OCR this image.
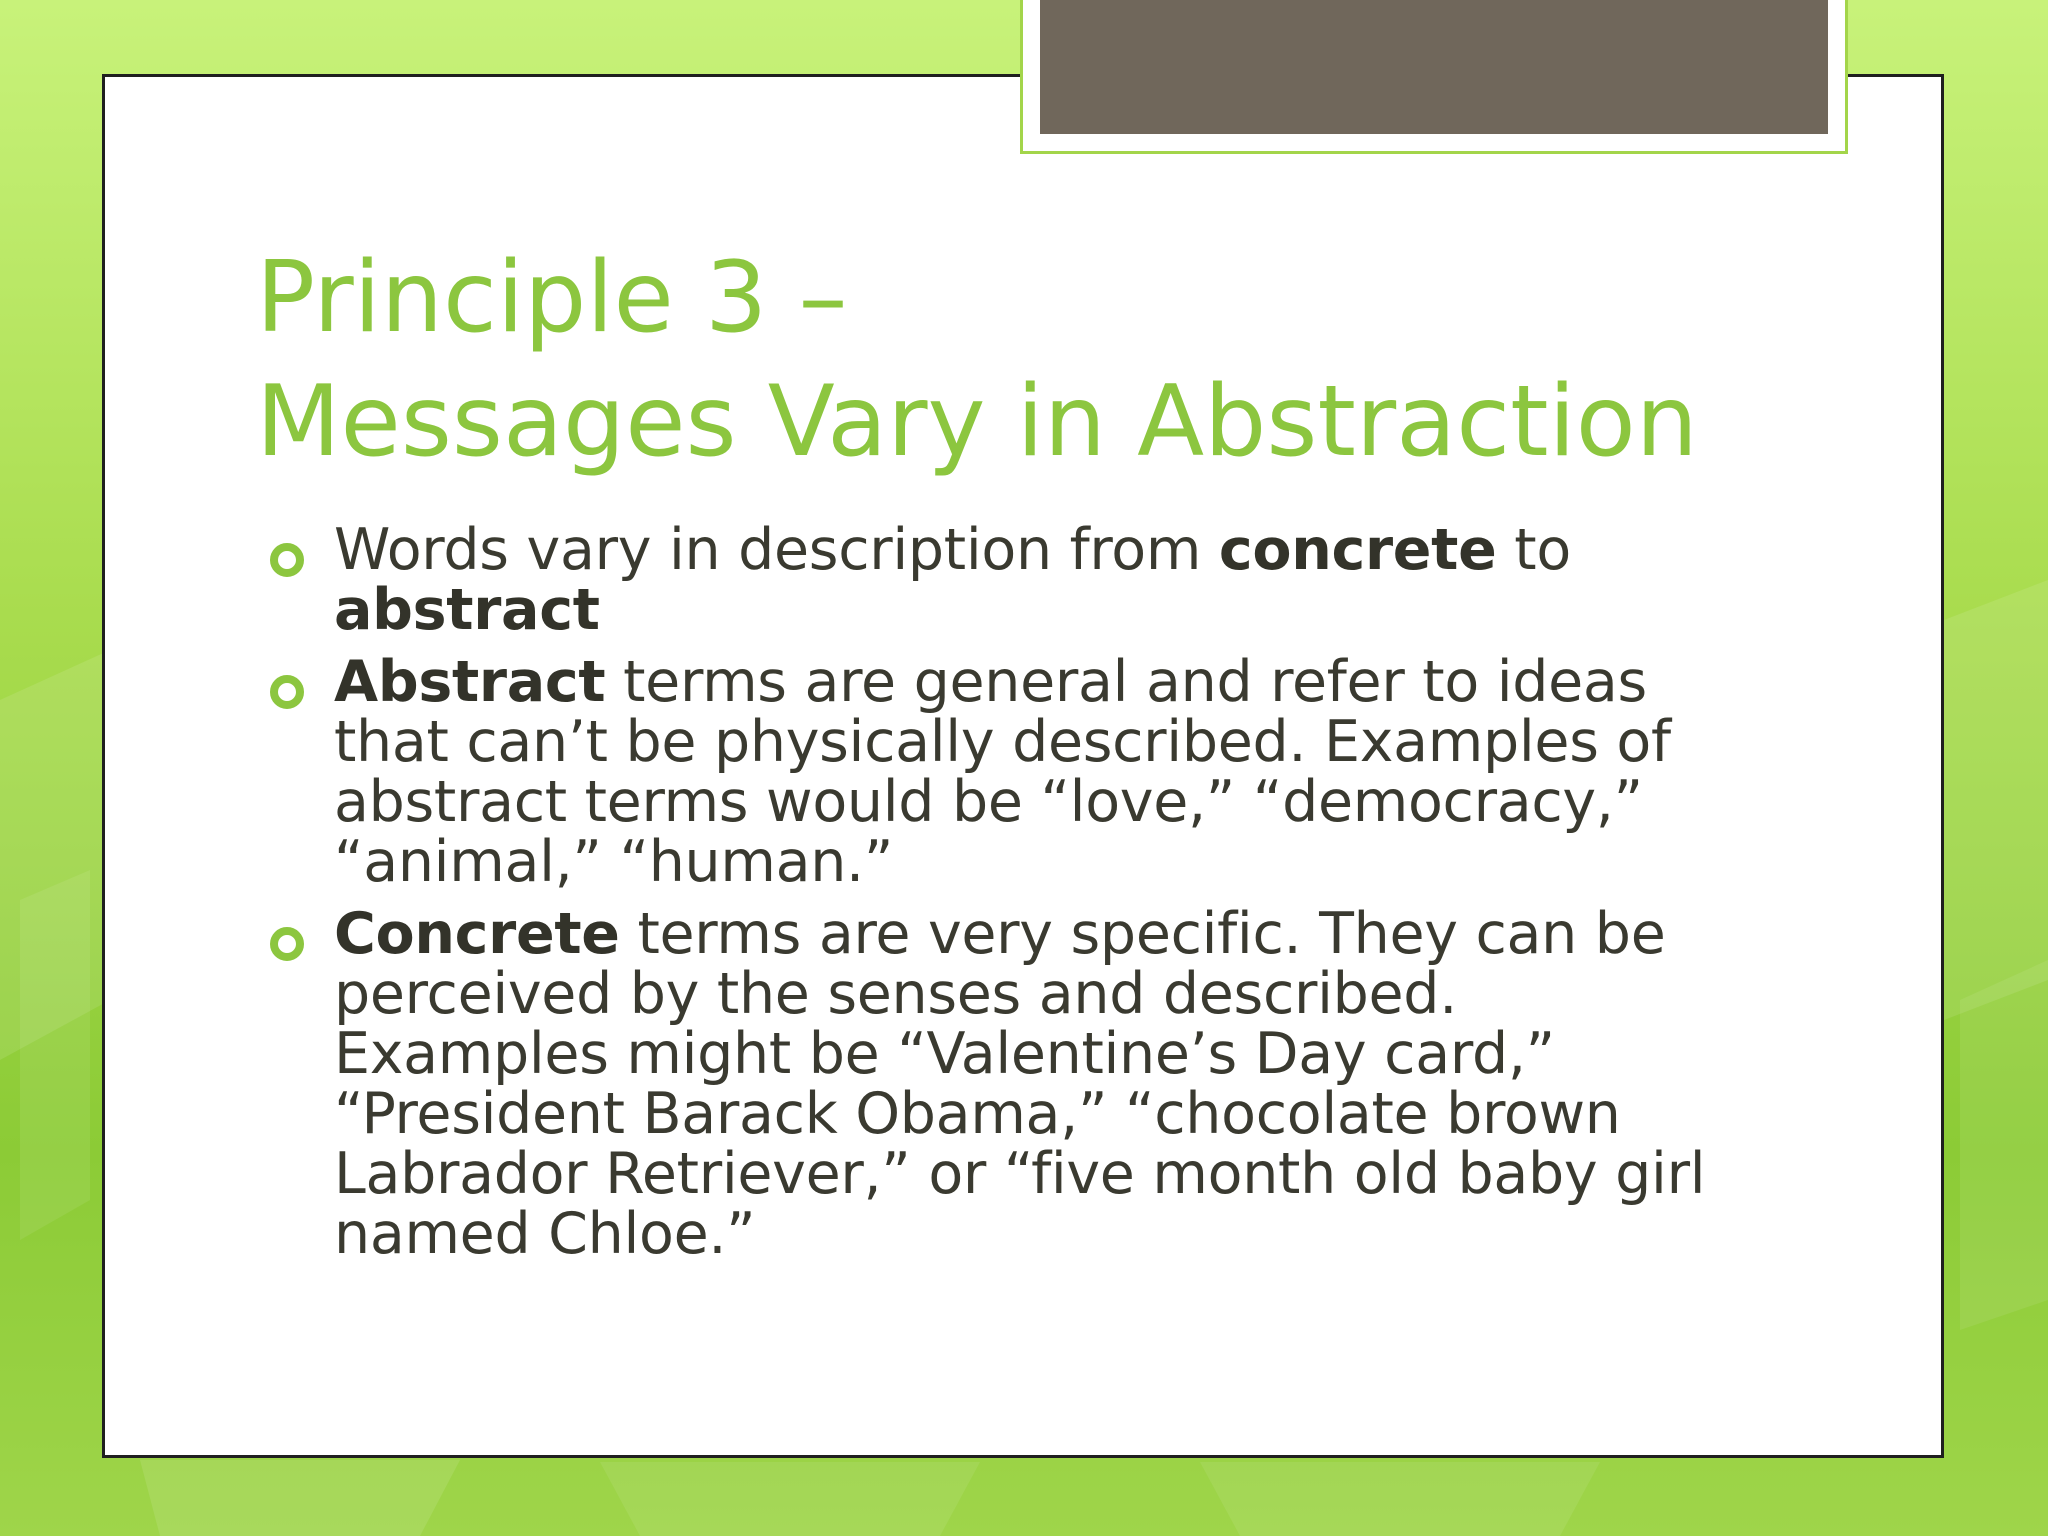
Principle 3 –
Messages Vary in Abstraction
Words vary in description from concrete to abstract
Abstract terms are general and refer to ideas that can’t be physically described. Examples of abstract terms would be “love,” “democracy,” “animal,” “human.”
Concrete terms are very specific. They can be perceived by the senses and described. Examples might be “Valentine’s Day card,” “President Barack Obama,” “chocolate brown Labrador Retriever,” or “five month old baby girl named Chloe.”
